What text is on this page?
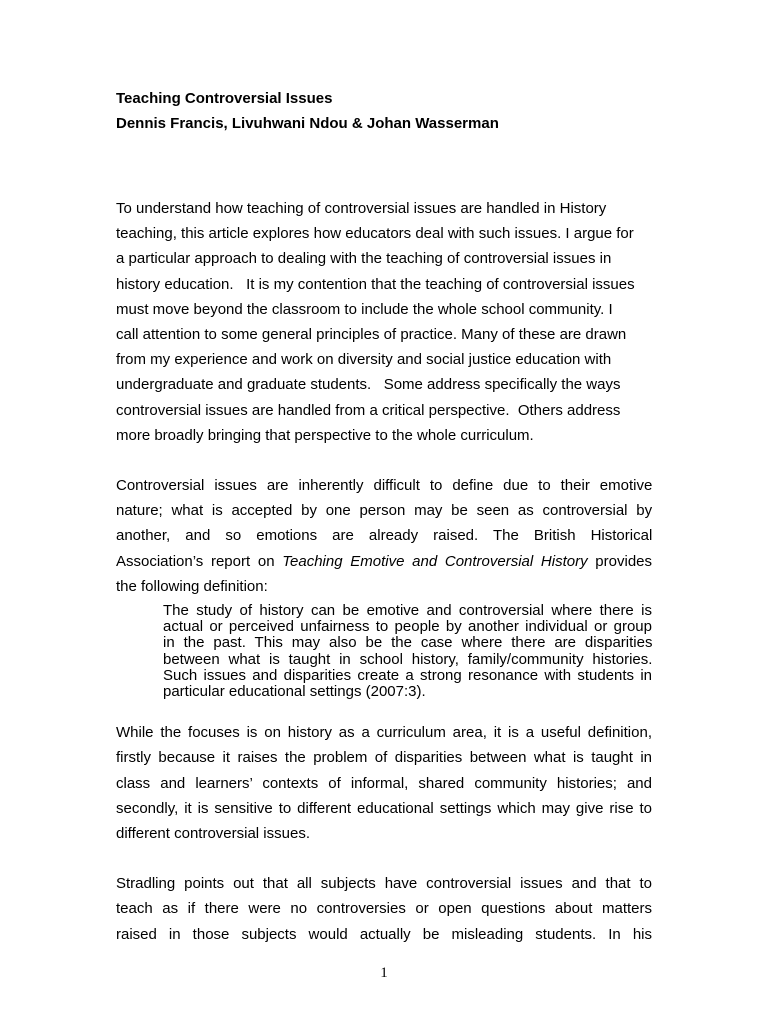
Teaching Controversial Issues

Dennis Francis, Livuhwani Ndou & Johan Wasserman

To understand how teaching of controversial issues are handled in History
teaching, this article explores how educators deal with such issues. I argue for
a particular approach to dealing with the teaching of controversial issues in
history education.   It is my contention that the teaching of controversial issues
must move beyond the classroom to include the whole school community. I
call attention to some general principles of practice. Many of these are drawn
from my experience and work on diversity and social justice education with
undergraduate and graduate students.   Some address specifically the ways
controversial issues are handled from a critical perspective.  Others address
more broadly bringing that perspective to the whole curriculum.

Controversial issues are inherently difficult to define due to their emotive
nature; what is accepted by one person may be seen as controversial by
another, and so emotions are already raised. The British Historical
Association’s report on Teaching Emotive and Controversial History provides
the following definition:

The study of history can be emotive and controversial where there is
actual or perceived unfairness to people by another individual or group
in the past. This may also be the case where there are disparities
between what is taught in school history, family/community histories.
Such issues and disparities create a strong resonance with students in
particular educational settings (2007:3).

While the focuses is on history as a curriculum area, it is a useful definition,
firstly because it raises the problem of disparities between what is taught in
class and learners’ contexts of informal, shared community histories; and
secondly, it is sensitive to different educational settings which may give rise to
different controversial issues.

Stradling points out that all subjects have controversial issues and that to
teach as if there were no controversies or open questions about matters
raised in those subjects would actually be misleading students. In his

1
